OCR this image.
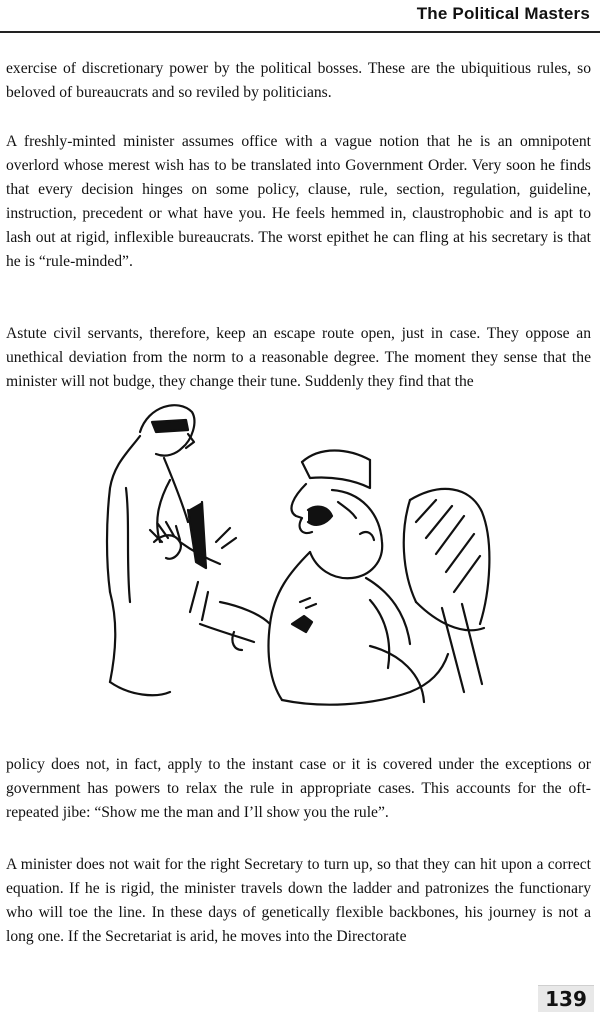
The Political Masters

exercise of discretionary power by the political bosses. These are the ubiquitious rules, so beloved of bureaucrats and so reviled by politicians.

A freshly-minted minister assumes office with a vague notion that he is an omnipotent overlord whose merest wish has to be translated into Government Order. Very soon he finds that every decision hinges on some policy, clause, rule, section, regulation, guideline, instruction, precedent or what have you. He feels hemmed in, claustrophobic and is apt to lash out at rigid, inflexible bureaucrats. The worst epithet he can fling at his secretary is that he is “rule-minded”.

Astute civil servants, therefore, keep an escape route open, just in case. They oppose an unethical deviation from the norm to a reasonable degree. The moment they sense that the minister will not budge, they change their tune. Suddenly they find that the

policy does not, in fact, apply to the instant case or it is covered under the exceptions or government has powers to relax the rule in appropriate cases. This accounts for the oft-repeated jibe: “Show me the man and I’ll show you the rule”.

A minister does not wait for the right Secretary to turn up, so that they can hit upon a correct equation. If he is rigid, the minister travels down the ladder and patronizes the functionary who will toe the line. In these days of genetically flexible backbones, his journey is not a long one. If the Secretariat is arid, he moves into the Directorate

139
